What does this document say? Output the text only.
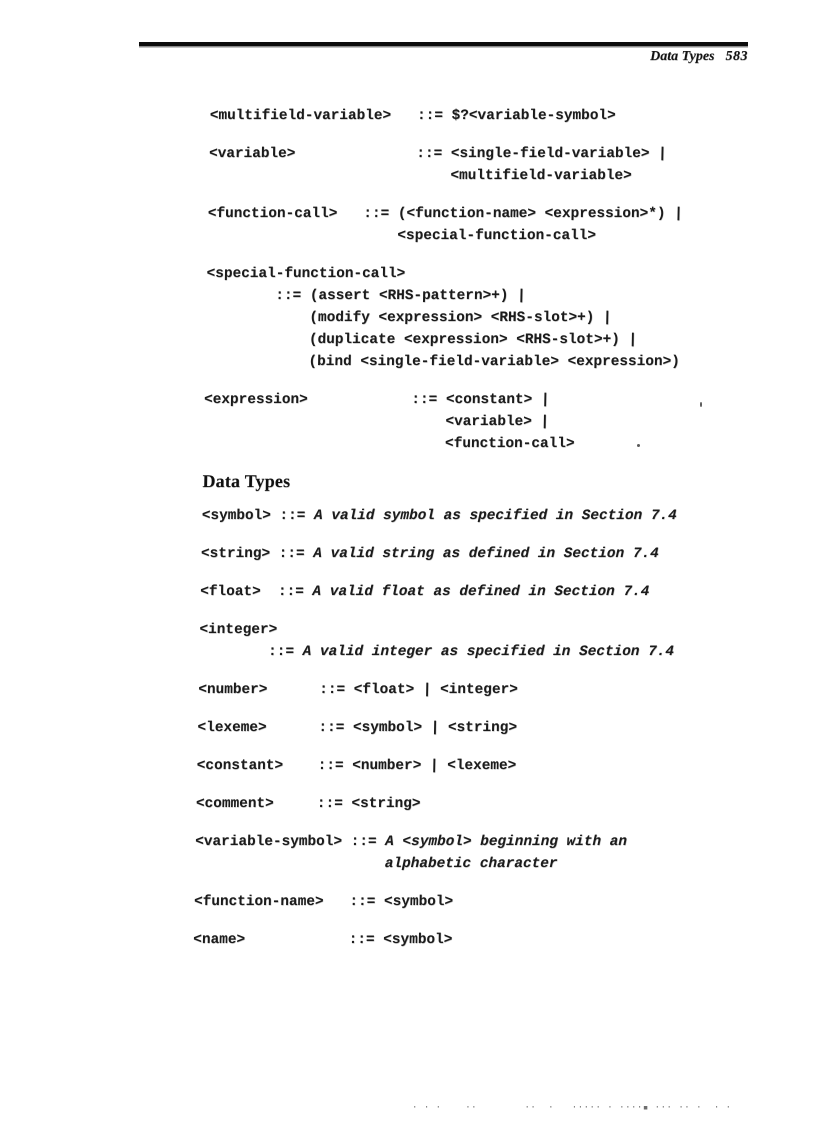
Data Types 583
<multifield-variable>   ::= $?<variable-symbol>
<variable>              ::= <single-field-variable> |
<multifield-variable>
<function-call>   ::= (<function-name> <expression>*) |
<special-function-call>
<special-function-call>
::= (assert <RHS-pattern>+) |
(modify <expression> <RHS-slot>+) |
(duplicate <expression> <RHS-slot>+) |
(bind <single-field-variable> <expression>)
<expression>            ::= <constant> |
<variable> |
<function-call>
Data Types
<symbol> ::= A valid symbol as specified in Section 7.4
<string> ::= A valid string as defined in Section 7.4
<float>  ::= A valid float as defined in Section 7.4
<integer>
::= A valid integer as specified in Section 7.4
<number>      ::= <float> | <integer>
<lexeme>      ::= <symbol> | <string>
<constant>    ::= <number> | <lexeme>
<comment>     ::= <string>
<variable-symbol> ::= A <symbol> beginning with an
alphabetic character
<function-name>   ::= <symbol>
<name>            ::= <symbol>
· · ·    ··        ··  ·   ····· · ····▪ ··· ·· ·  · ·
